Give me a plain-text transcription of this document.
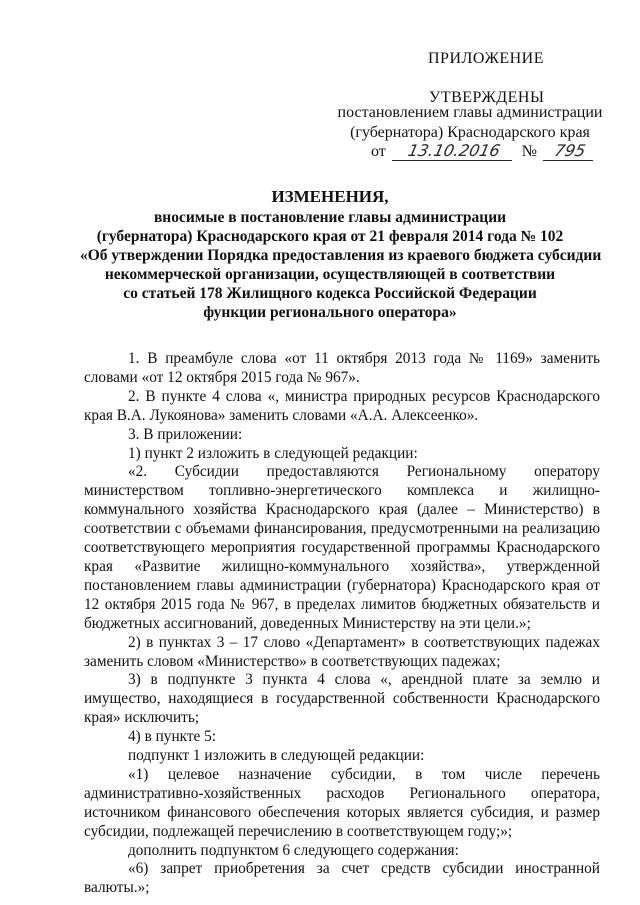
ПРИЛОЖЕНИЕ
УТВЕРЖДЕНЫ
постановлением главы администрации
(губернатора) Краснодарского края
от 13.10.2016 № 795
ИЗМЕНЕНИЯ,
вносимые в постановление главы администрации
(губернатора) Краснодарского края от 21 февраля 2014 года № 102
«Об утверждении Порядка предоставления из краевого бюджета субсидии
некоммерческой организации, осуществляющей в соответствии
со статьей 178 Жилищного кодекса Российской Федерации
функции регионального оператора»

1. В преамбуле слова «от 11 октября 2013 года № 1169» заменить словами «от 12 октября 2015 года № 967».

2. В пункте 4 слова «, министра природных ресурсов Краснодарского края В.А. Лукоянова» заменить словами «А.А. Алексеенко».

3. В приложении:

1) пункт 2 изложить в следующей редакции:

«2. Субсидии предоставляются Региональному оператору министерством топливно-энергетического комплекса и жилищно-коммунального хозяйства Краснодарского края (далее – Министерство) в соответствии с объемами финансирования, предусмотренными на реализацию соответствующего мероприятия государственной программы Краснодарского края «Развитие жилищно-коммунального хозяйства», утвержденной постановлением главы администрации (губернатора) Краснодарского края от 12 октября 2015 года № 967, в пределах лимитов бюджетных обязательств и бюджетных ассигнований, доведенных Министерству на эти цели.»;

2) в пунктах 3 – 17 слово «Департамент» в соответствующих падежах заменить словом «Министерство» в соответствующих падежах;

3) в подпункте 3 пункта 4 слова «, арендной плате за землю и имущество, находящиеся в государственной собственности Краснодарского края» исключить;

4) в пункте 5:

подпункт 1 изложить в следующей редакции:

«1) целевое назначение субсидии, в том числе перечень административно-хозяйственных расходов Регионального оператора, источником финансового обеспечения которых является субсидия, и размер субсидии, подлежащей перечислению в соответствующем году;»;

дополнить подпунктом 6 следующего содержания:

«6) запрет приобретения за счет средств субсидии иностранной валюты.»;
